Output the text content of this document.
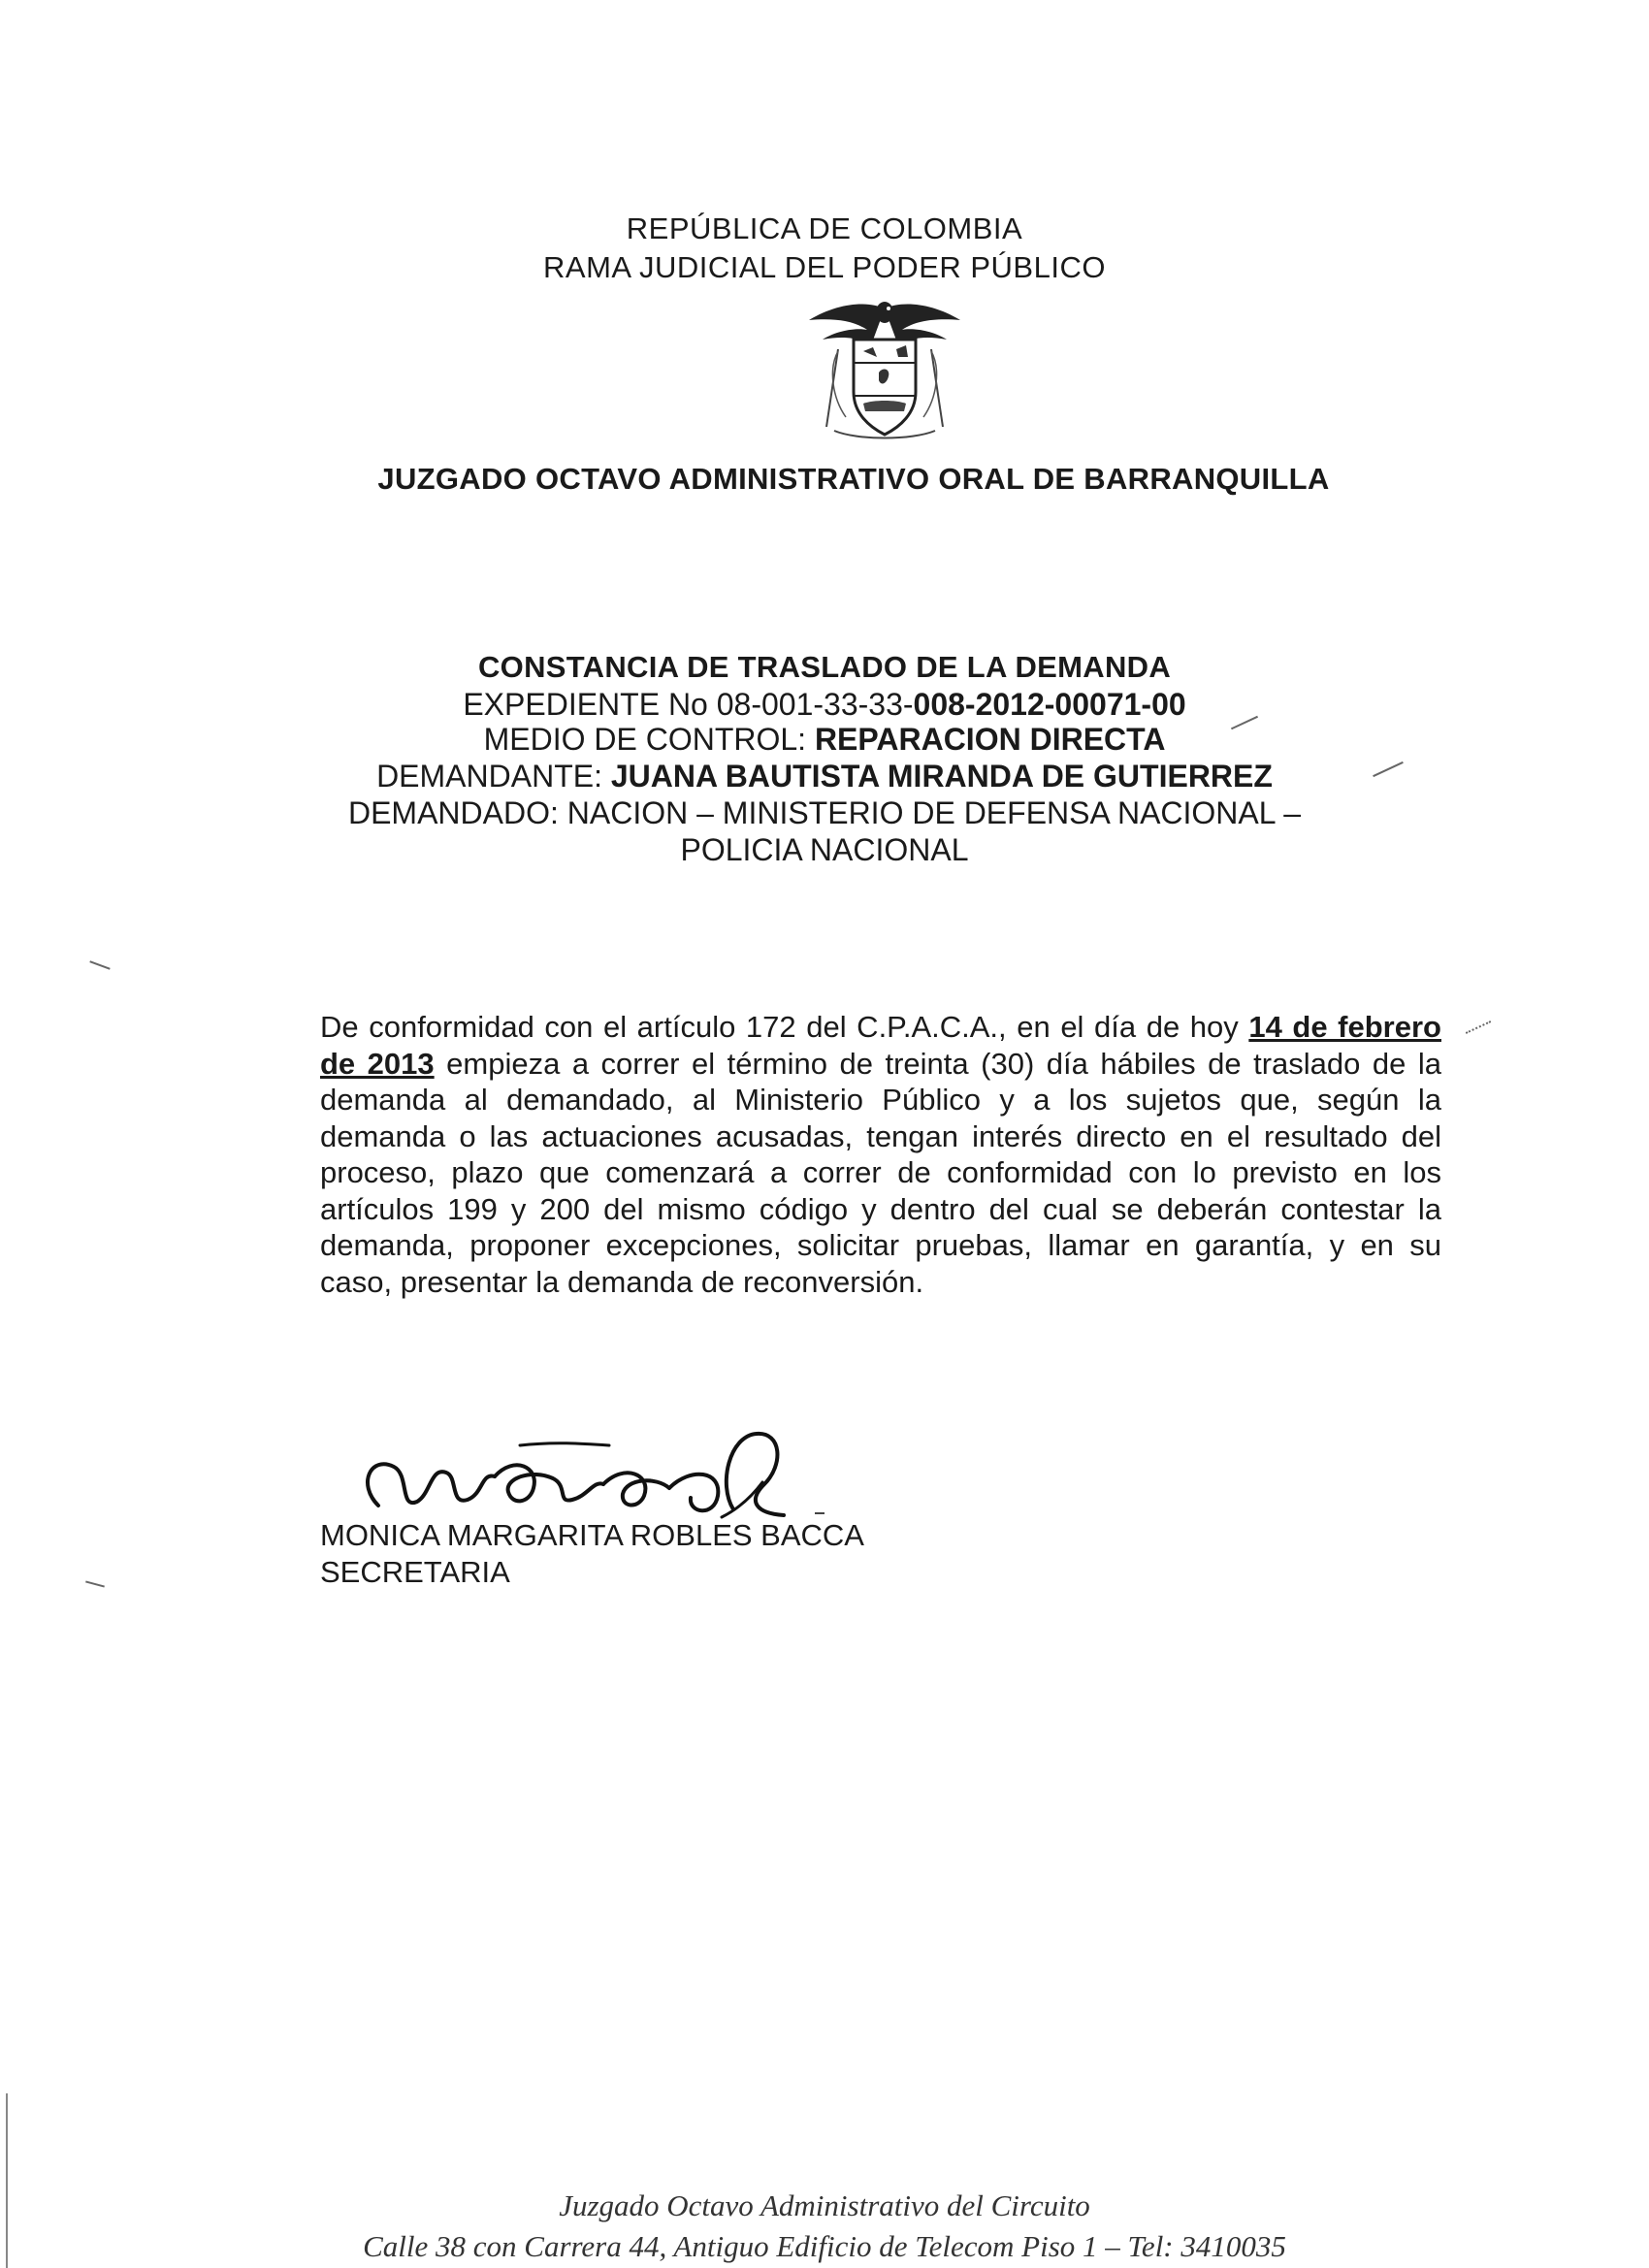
REPÚBLICA DE COLOMBIA
RAMA JUDICIAL DEL PODER PÚBLICO
JUZGADO OCTAVO ADMINISTRATIVO ORAL DE BARRANQUILLA
CONSTANCIA DE TRASLADO DE LA DEMANDA
EXPEDIENTE No 08-001-33-33-008-2012-00071-00
MEDIO DE CONTROL: REPARACION DIRECTA
DEMANDANTE: JUANA BAUTISTA MIRANDA DE GUTIERREZ
DEMANDADO: NACION – MINISTERIO DE DEFENSA NACIONAL –
POLICIA NACIONAL
De conformidad con el artículo 172 del C.P.A.C.A., en el día de hoy 14 de febrero de 2013 empieza a correr el término de treinta (30) día hábiles de traslado de la demanda al demandado, al Ministerio Público y a los sujetos que, según la demanda o las actuaciones acusadas, tengan interés directo en el resultado del proceso, plazo que comenzará a correr de conformidad con lo previsto en los artículos 199 y 200 del mismo código y dentro del cual se deberán contestar la demanda, proponer excepciones, solicitar pruebas, llamar en garantía, y en su caso, presentar la demanda de reconversión.
MONICA MARGARITA ROBLES BACCA
SECRETARIA
Juzgado Octavo Administrativo del Circuito
Calle 38 con Carrera 44, Antiguo Edificio de Telecom Piso 1 – Tel: 3410035
